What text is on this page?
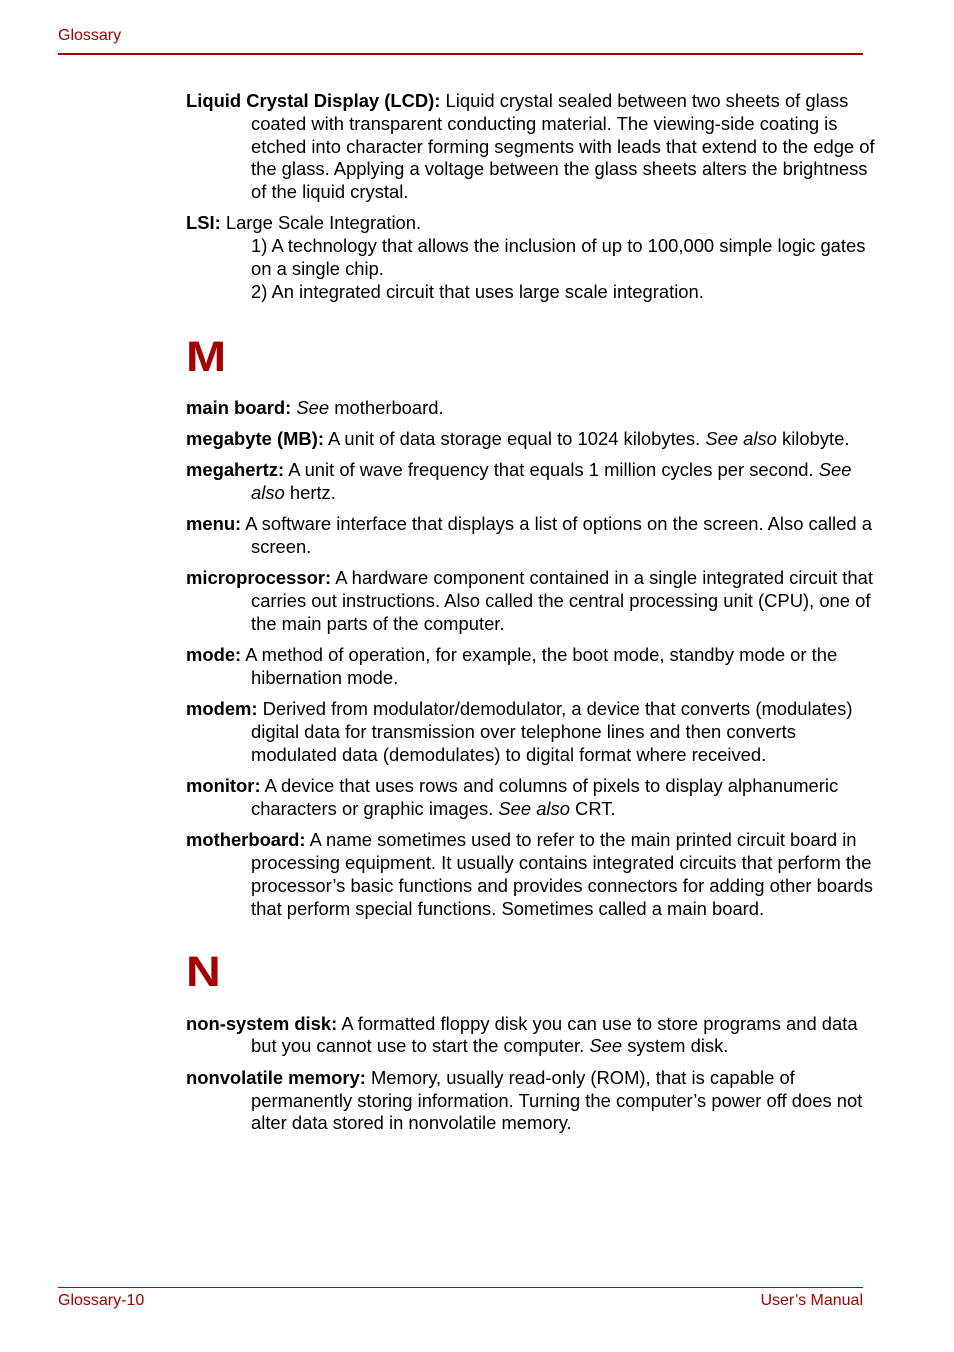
Glossary

Liquid Crystal Display (LCD): Liquid crystal sealed between two sheets of glass coated with transparent conducting material. The viewing-side coating is etched into character forming segments with leads that extend to the edge of the glass. Applying a voltage between the glass sheets alters the brightness of the liquid crystal.

LSI: Large Scale Integration.

1) A technology that allows the inclusion of up to 100,000 simple logic gates on a single chip.

2) An integrated circuit that uses large scale integration.

M

main board: See motherboard.

megabyte (MB): A unit of data storage equal to 1024 kilobytes. See also kilobyte.

megahertz: A unit of wave frequency that equals 1 million cycles per second. See also hertz.

menu: A software interface that displays a list of options on the screen. Also called a screen.

microprocessor: A hardware component contained in a single integrated circuit that carries out instructions. Also called the central processing unit (CPU), one of the main parts of the computer.

mode: A method of operation, for example, the boot mode, standby mode or the hibernation mode.

modem: Derived from modulator/demodulator, a device that converts (modulates) digital data for transmission over telephone lines and then converts modulated data (demodulates) to digital format where received.

monitor: A device that uses rows and columns of pixels to display alphanumeric characters or graphic images. See also CRT.

motherboard: A name sometimes used to refer to the main printed circuit board in processing equipment. It usually contains integrated circuits that perform the processor’s basic functions and provides connectors for adding other boards that perform special functions. Sometimes called a main board.

N

non-system disk: A formatted floppy disk you can use to store programs and data but you cannot use to start the computer. See system disk.

nonvolatile memory: Memory, usually read-only (ROM), that is capable of permanently storing information. Turning the computer’s power off does not alter data stored in nonvolatile memory.

Glossary-10	User’s Manual
